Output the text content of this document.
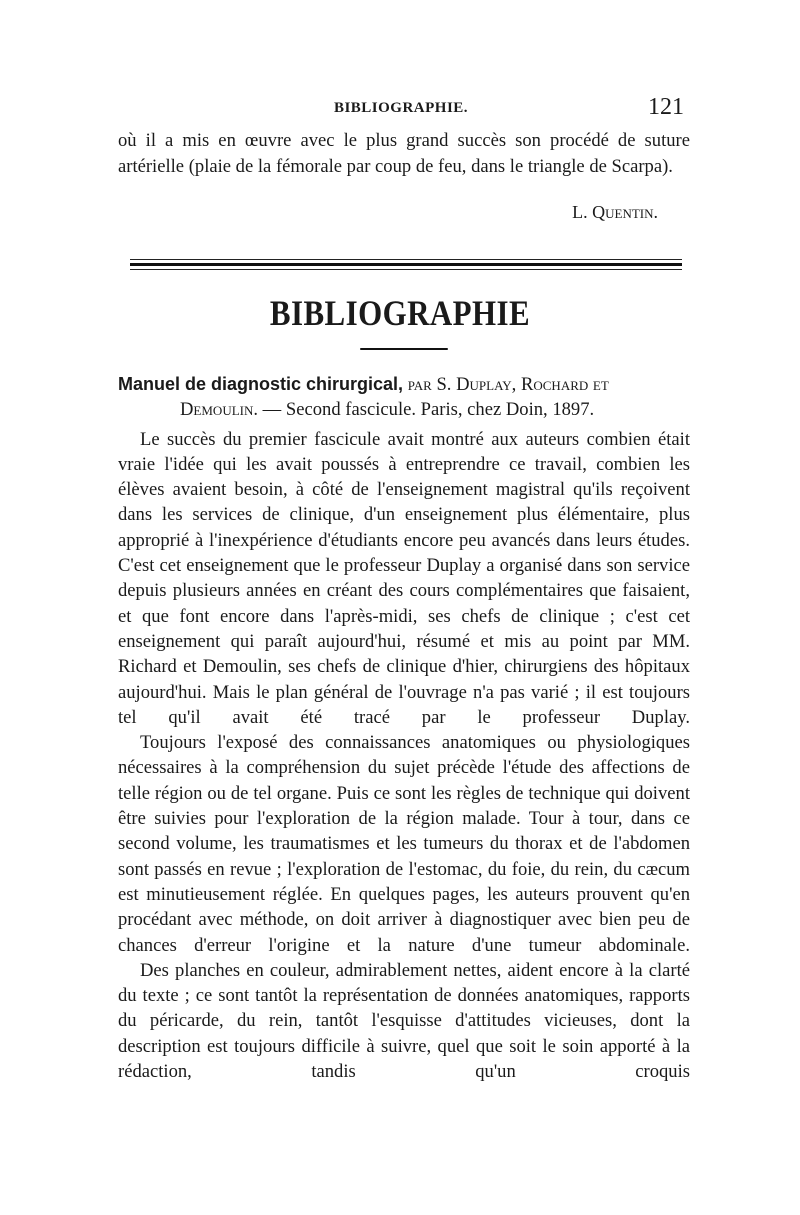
BIBLIOGRAPHIE.	121

où il a mis en œuvre avec le plus grand succès son procédé de suture artérielle (plaie de la fémorale par coup de feu, dans le triangle de Scarpa).

L. Quentin.
BIBLIOGRAPHIE

Manuel de diagnostic chirurgical, par S. Duplay, Rochard et
Demoulin. — Second fascicule. Paris, chez Doin, 1897.

Le succès du premier fascicule avait montré aux auteurs combien était vraie l'idée qui les avait poussés à entreprendre ce travail, combien les élèves avaient besoin, à côté de l'enseignement magistral qu'ils reçoivent dans les services de clinique, d'un enseignement plus élémentaire, plus approprié à l'inexpérience d'étudiants encore peu avancés dans leurs études. C'est cet enseignement que le professeur Duplay a organisé dans son service depuis plusieurs années en créant des cours complémentaires que faisaient, et que font encore dans l'après-midi, ses chefs de clinique ; c'est cet enseignement qui paraît aujourd'hui, résumé et mis au point par MM. Richard et Demoulin, ses chefs de clinique d'hier, chirurgiens des hôpitaux aujourd'hui. Mais le plan général de l'ouvrage n'a pas varié ; il est toujours tel qu'il avait été tracé par le professeur Duplay.

Toujours l'exposé des connaissances anatomiques ou physiologiques nécessaires à la compréhension du sujet précède l'étude des affections de telle région ou de tel organe. Puis ce sont les règles de technique qui doivent être suivies pour l'exploration de la région malade. Tour à tour, dans ce second volume, les traumatismes et les tumeurs du thorax et de l'abdomen sont passés en revue ; l'exploration de l'estomac, du foie, du rein, du cæcum est minutieusement réglée. En quelques pages, les auteurs prouvent qu'en procédant avec méthode, on doit arriver à diagnostiquer avec bien peu de chances d'erreur l'origine et la nature d'une tumeur abdominale.

Des planches en couleur, admirablement nettes, aident encore à la clarté du texte ; ce sont tantôt la représentation de données anatomiques, rapports du péricarde, du rein, tantôt l'esquisse d'attitudes vicieuses, dont la description est toujours difficile à suivre, quel que soit le soin apporté à la rédaction, tandis qu'un croquis
